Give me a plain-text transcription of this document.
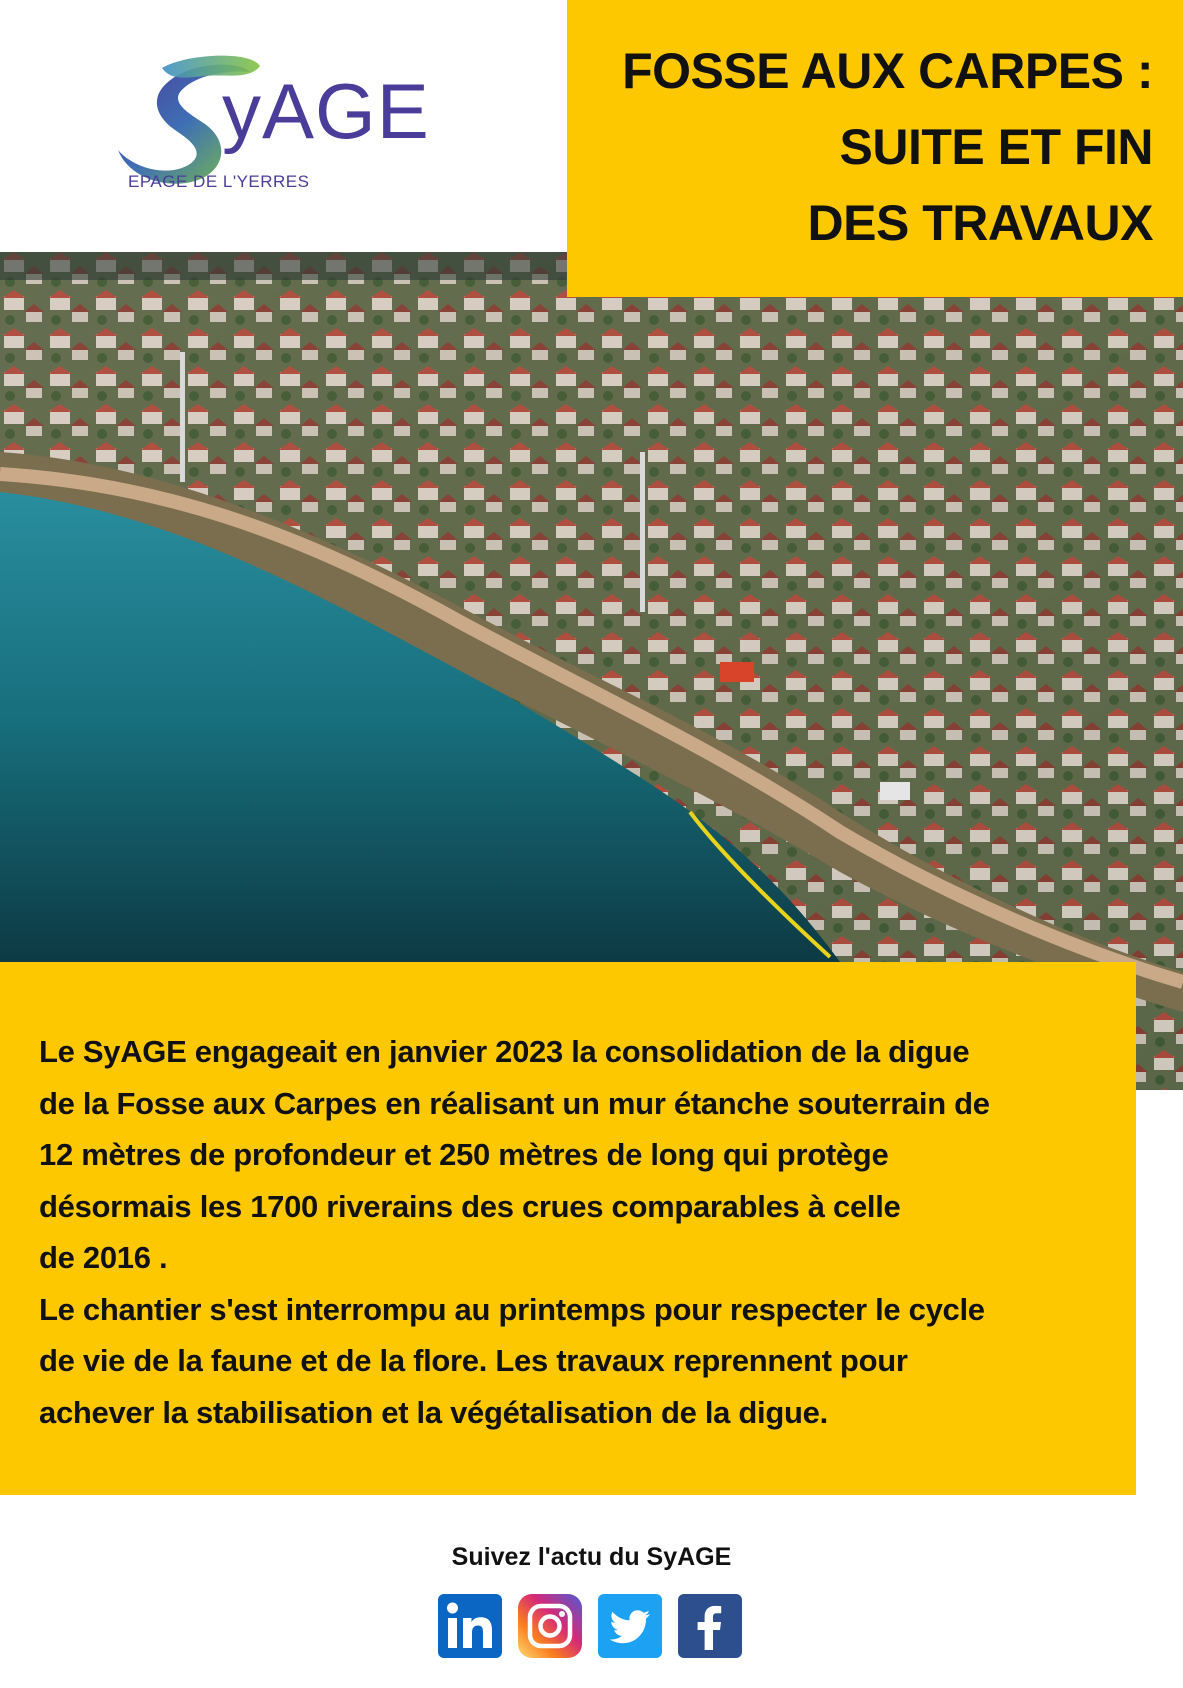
yAGE
EPAGE DE L'YERRES
FOSSE AUX CARPES :
SUITE ET FIN
DES TRAVAUX

Le SyAGE engageait en janvier 2023 la consolidation de la digue

de la Fosse aux Carpes en réalisant un mur étanche souterrain de

12 mètres de profondeur et 250 mètres de long qui protège

désormais les 1700 riverains des crues comparables à celle

de 2016 .

Le chantier s'est interrompu au printemps pour respecter le cycle

de vie de la faune et de la flore. Les travaux reprennent pour

achever la stabilisation et la végétalisation de la digue.

Suivez l'actu du SyAGE
